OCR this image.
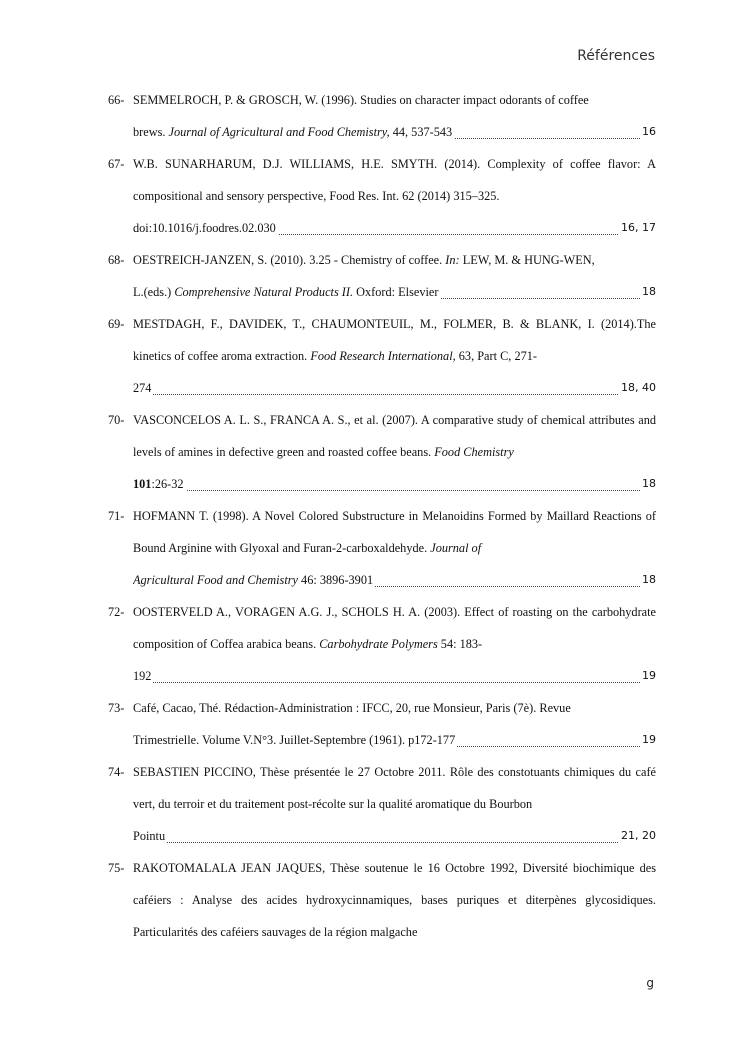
Références
66- SEMMELROCH, P. & GROSCH, W. (1996). Studies on character impact odorants of coffee
brews. Journal of Agricultural and Food Chemistry, 44, 537-543	16
67- W.B. SUNARHARUM, D.J. WILLIAMS, H.E. SMYTH. (2014). Complexity of coffee flavor: A compositional and sensory perspective, Food Res. Int. 62 (2014) 315–325.
doi:10.1016/j.foodres.02.030	16, 17
68- OESTREICH-JANZEN, S. (2010). 3.25 - Chemistry of coffee. In: LEW, M. & HUNG-WEN,
L.(eds.) Comprehensive Natural Products II. Oxford: Elsevier	18
69- MESTDAGH, F., DAVIDEK, T., CHAUMONTEUIL, M., FOLMER, B. & BLANK, I. (2014).The kinetics of coffee aroma extraction. Food Research International, 63, Part C, 271-
274	18, 40
70- VASCONCELOS A. L. S., FRANCA A. S., et al. (2007). A comparative study of chemical attributes and levels of amines in defective green and roasted coffee beans. Food Chemistry
101:26-32	18
71- HOFMANN T. (1998). A Novel Colored Substructure in Melanoidins Formed by Maillard Reactions of Bound Arginine with Glyoxal and Furan-2-carboxaldehyde. Journal of
Agricultural Food and Chemistry 46: 3896-3901	18
72- OOSTERVELD A., VORAGEN A.G. J., SCHOLS H. A. (2003). Effect of roasting on the carbohydrate composition of Coffea arabica beans. Carbohydrate Polymers 54: 183-
192	19
73- Café, Cacao, Thé. Rédaction-Administration : IFCC, 20, rue Monsieur, Paris (7è). Revue
Trimestrielle. Volume V.N°3. Juillet-Septembre (1961). p172-177	19
74- SEBASTIEN PICCINO, Thèse présentée le 27 Octobre 2011. Rôle des constotuants chimiques du café vert, du terroir et du traitement post-récolte sur la qualité aromatique du Bourbon
Pointu	21, 20
75- RAKOTOMALALA JEAN JAQUES, Thèse soutenue le 16 Octobre 1992, Diversité biochimique des caféiers : Analyse des acides hydroxycinnamiques, bases puriques et diterpènes glycosidiques. Particularités des caféiers sauvages de la région malgache
g
